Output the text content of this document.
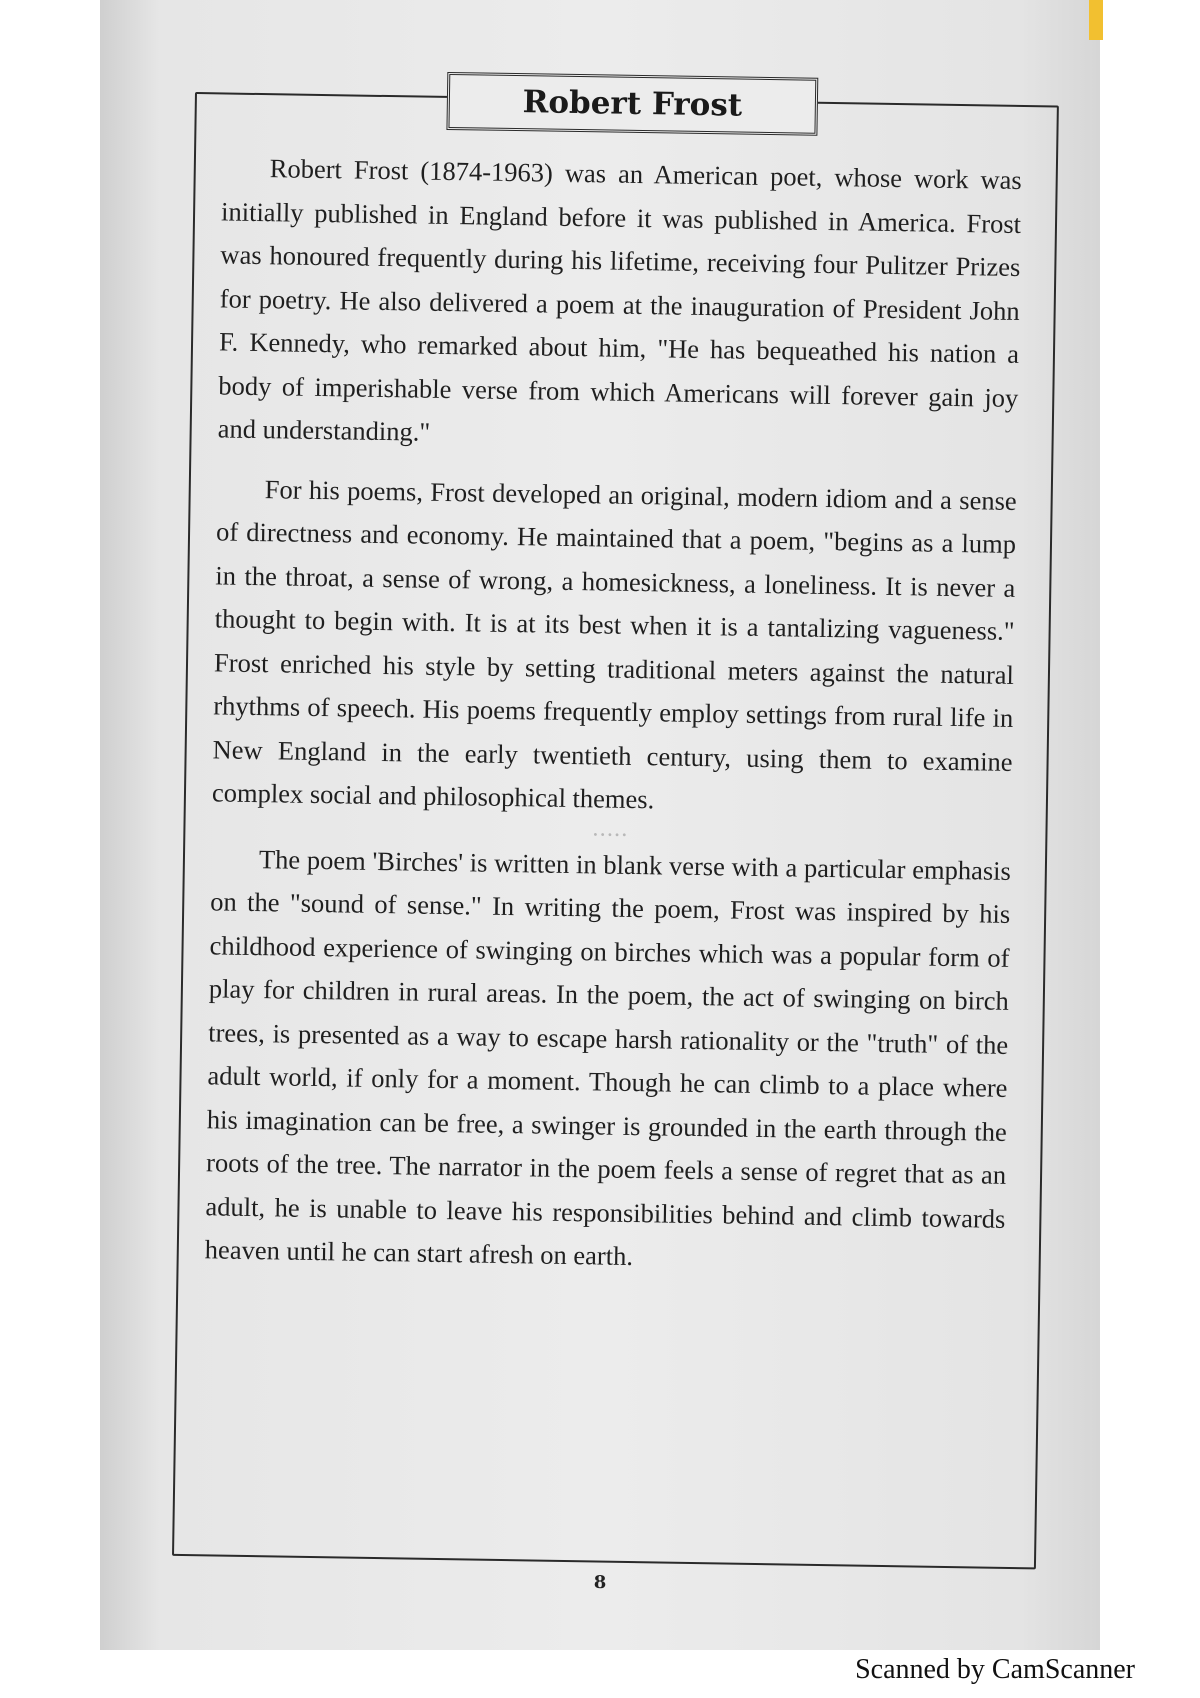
Robert Frost

Robert Frost (1874-1963) was an American poet, whose work was initially published in England before it was published in America. Frost was honoured frequently during his lifetime, receiving four Pulitzer Prizes for poetry. He also delivered a poem at the inauguration of President John F. Kennedy, who remarked about him, "He has bequeathed his nation a body of imperishable verse from which Americans will forever gain joy and understanding."

For his poems, Frost developed an original, modern idiom and a sense of directness and economy. He maintained that a poem, "begins as a lump in the throat, a sense of wrong, a homesickness, a loneliness. It is never a thought to begin with. It is at its best when it is a tantalizing vagueness." Frost enriched his style by setting traditional meters against the natural rhythms of speech. His poems frequently employ settings from rural life in New England in the early twentieth century, using them to examine complex social and philosophical themes.

•••••

The poem 'Birches' is written in blank verse with a particular emphasis on the "sound of sense." In writing the poem, Frost was inspired by his childhood experience of swinging on birches which was a popular form of play for children in rural areas. In the poem, the act of swinging on birch trees, is presented as a way to escape harsh rationality or the "truth" of the adult world, if only for a moment. Though he can climb to a place where his imagination can be free, a swinger is grounded in the earth through the roots of the tree. The narrator in the poem feels a sense of regret that as an adult, he is unable to leave his responsibilities behind and climb towards heaven until he can start afresh on earth.

8
Scanned by CamScanner
